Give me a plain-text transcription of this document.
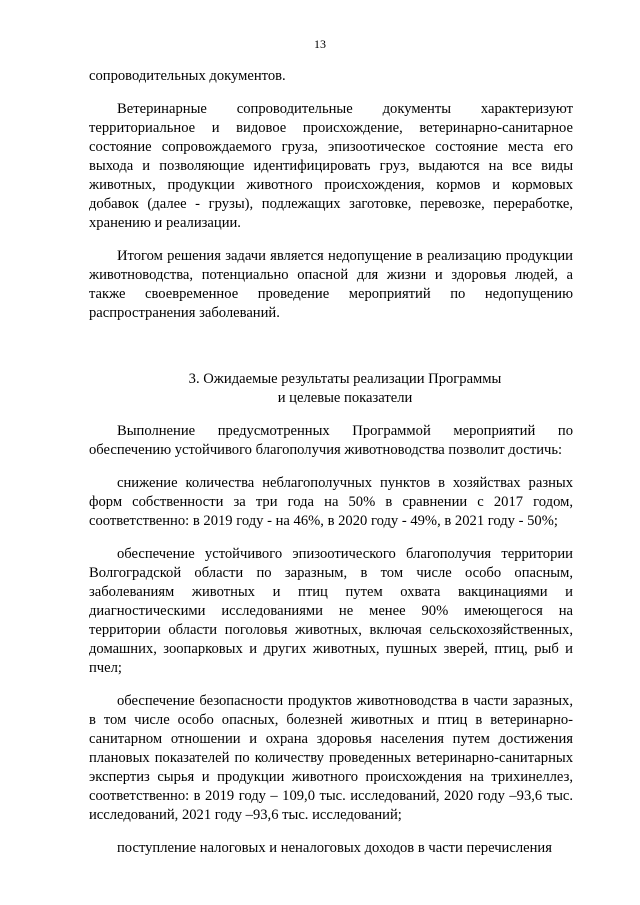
13

сопроводительных документов.

Ветеринарные сопроводительные документы характеризуют территориальное и видовое происхождение, ветеринарно-санитарное состояние сопровождаемого груза, эпизоотическое состояние места его выхода и позволяющие идентифицировать груз, выдаются на все виды животных, продукции животного происхождения, кормов и кормовых добавок (далее - грузы), подлежащих заготовке, перевозке, переработке, хранению и реализации.

Итогом решения задачи является недопущение в реализацию продукции животноводства, потенциально опасной для жизни и здоровья людей, а также своевременное проведение мероприятий по недопущению распространения заболеваний.

3. Ожидаемые результаты реализации Программы

и целевые показатели

Выполнение предусмотренных Программой мероприятий по обеспечению устойчивого благополучия животноводства позволит достичь:

снижение количества неблагополучных пунктов в хозяйствах разных форм собственности за три года на 50% в сравнении с 2017 годом, соответственно: в 2019 году - на 46%, в 2020 году - 49%, в 2021 году - 50%;

обеспечение устойчивого эпизоотического благополучия территории Волгоградской области по заразным, в том числе особо опасным, заболеваниям животных и птиц путем охвата вакцинациями и диагностическими исследованиями не менее 90% имеющегося на территории области поголовья животных, включая сельскохозяйственных, домашних, зоопарковых и других животных, пушных зверей, птиц, рыб и пчел;

обеспечение безопасности продуктов животноводства в части заразных, в том числе особо опасных, болезней животных и птиц в ветеринарно-санитарном отношении и охрана здоровья населения путем достижения плановых показателей по количеству проведенных ветеринарно-санитарных экспертиз сырья и продукции животного происхождения на трихинеллез, соответственно: в 2019 году – 109,0 тыс. исследований, 2020 году –93,6 тыс. исследований, 2021 году –93,6 тыс. исследований;

поступление налоговых и неналоговых доходов в части перечисления
